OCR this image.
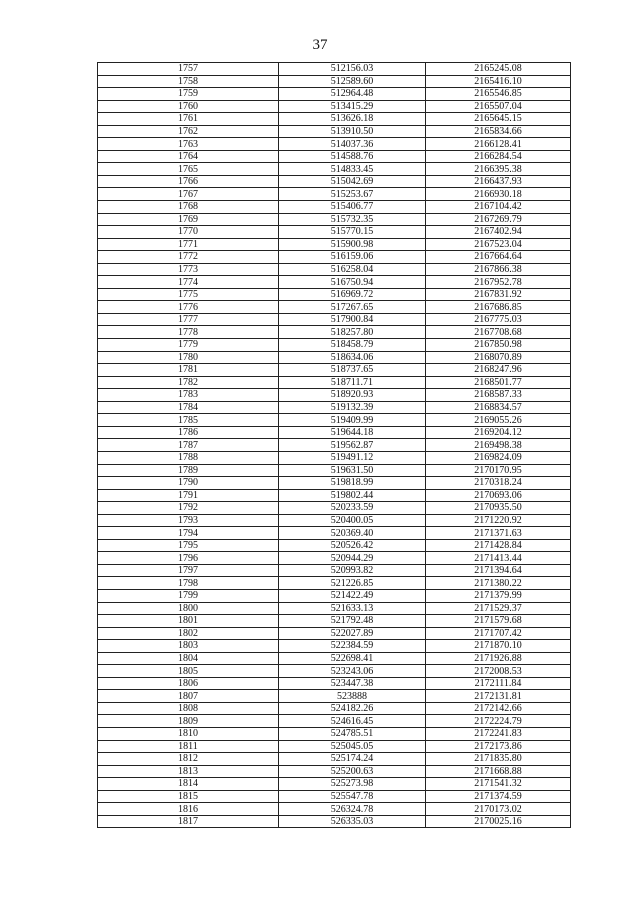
37
1757	512156.03	2165245.08
1758	512589.60	2165416.10
1759	512964.48	2165546.85
1760	513415.29	2165507.04
1761	513626.18	2165645.15
1762	513910.50	2165834.66
1763	514037.36	2166128.41
1764	514588.76	2166284.54
1765	514833.45	2166395.38
1766	515042.69	2166437.93
1767	515253.67	2166930.18
1768	515406.77	2167104.42
1769	515732.35	2167269.79
1770	515770.15	2167402.94
1771	515900.98	2167523.04
1772	516159.06	2167664.64
1773	516258.04	2167866.38
1774	516750.94	2167952.78
1775	516969.72	2167831.92
1776	517267.65	2167686.85
1777	517900.84	2167775.03
1778	518257.80	2167708.68
1779	518458.79	2167850.98
1780	518634.06	2168070.89
1781	518737.65	2168247.96
1782	518711.71	2168501.77
1783	518920.93	2168587.33
1784	519132.39	2168834.57
1785	519409.99	2169055.26
1786	519644.18	2169204.12
1787	519562.87	2169498.38
1788	519491.12	2169824.09
1789	519631.50	2170170.95
1790	519818.99	2170318.24
1791	519802.44	2170693.06
1792	520233.59	2170935.50
1793	520400.05	2171220.92
1794	520369.40	2171371.63
1795	520526.42	2171428.84
1796	520944.29	2171413.44
1797	520993.82	2171394.64
1798	521226.85	2171380.22
1799	521422.49	2171379.99
1800	521633.13	2171529.37
1801	521792.48	2171579.68
1802	522027.89	2171707.42
1803	522384.59	2171870.10
1804	522698.41	2171926.88
1805	523243.06	2172008.53
1806	523447.38	2172111.84
1807	523888	2172131.81
1808	524182.26	2172142.66
1809	524616.45	2172224.79
1810	524785.51	2172241.83
1811	525045.05	2172173.86
1812	525174.24	2171835.80
1813	525200.63	2171668.88
1814	525273.98	2171541.32
1815	525547.78	2171374.59
1816	526324.78	2170173.02
1817	526335.03	2170025.16
